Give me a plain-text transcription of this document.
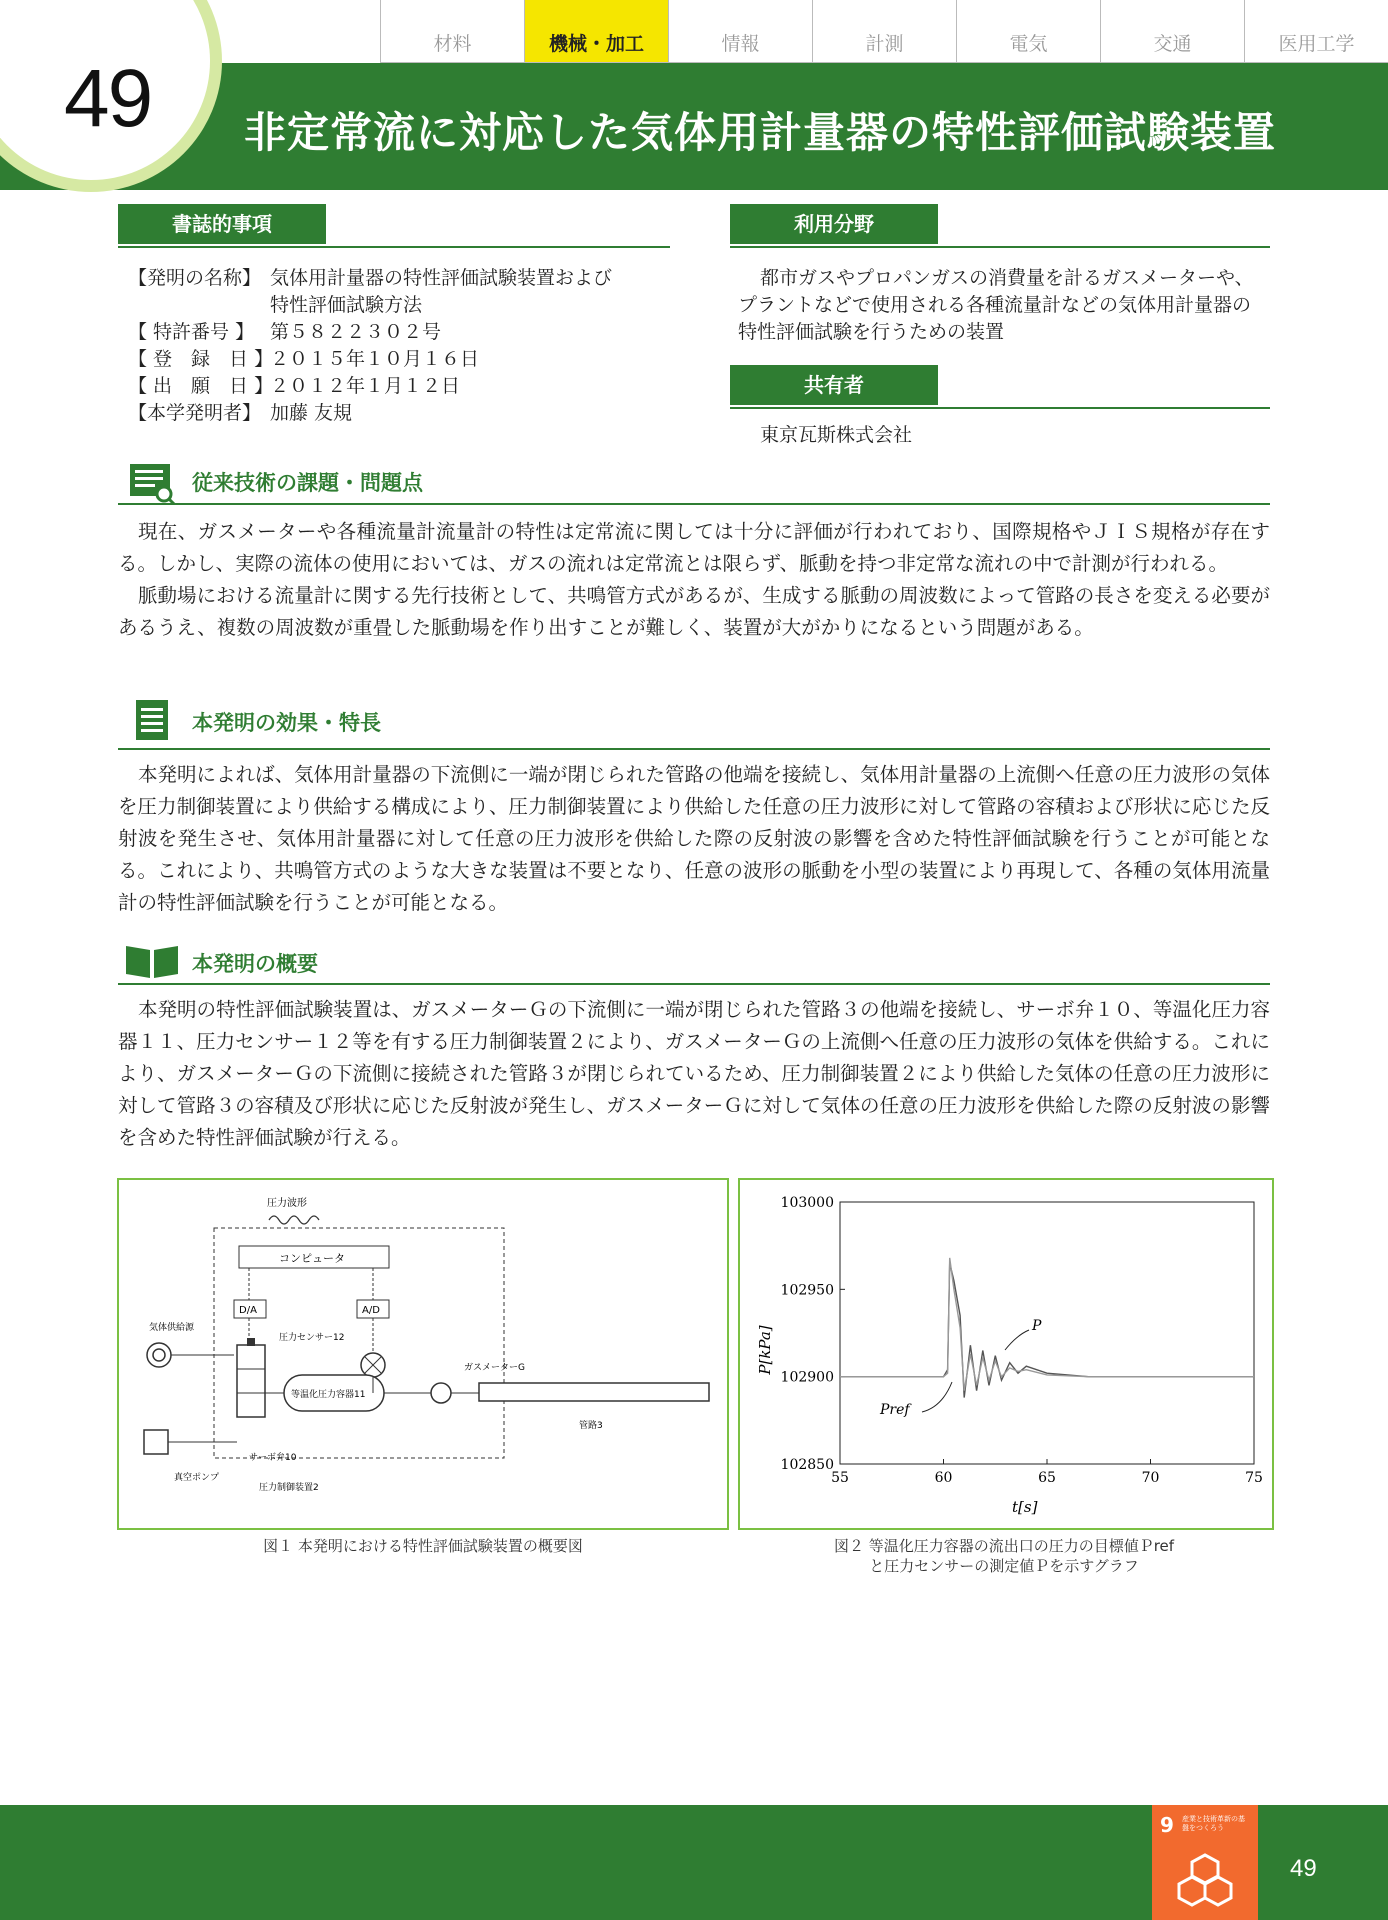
材料	機械・加工	情報	計測	電気	交通	医用工学
49 非定常流に対応した気体用計量器の特性評価試験装置
書誌的事項
【発明の名称】 気体用計量器の特性評価試験装置および
特性評価試験方法
【 特許番号 】 第５８２２３０２号
【 登　録　日 】
２０１５年１０月１６日
【 出　願　日 】
２０１２年１月１２日
【本学発明者】 加藤 友規
利用分野
都市ガスやプロパンガスの消費量を計るガスメーターや、プラントなどで使用される各種流量計などの気体用計量器の特性評価試験を行うための装置
共有者
東京瓦斯株式会社
従来技術の課題・問題点
現在、ガスメーターや各種流量計流量計の特性は定常流に関しては十分に評価が行われており、国際規格やＪＩＳ規格が存在する。しかし、実際の流体の使用においては、ガスの流れは定常流とは限らず、脈動を持つ非定常な流れの中で計測が行われる。
脈動場における流量計に関する先行技術として、共鳴管方式があるが、生成する脈動の周波数によって管路の長さを変える必要があるうえ、複数の周波数が重畳した脈動場を作り出すことが難しく、装置が大がかりになるという問題がある。
本発明の効果・特長
本発明によれば、気体用計量器の下流側に一端が閉じられた管路の他端を接続し、気体用計量器の上流側へ任意の圧力波形の気体を圧力制御装置により供給する構成により、圧力制御装置により供給した任意の圧力波形に対して管路の容積および形状に応じた反射波を発生させ、気体用計量器に対して任意の圧力波形を供給した際の反射波の影響を含めた特性評価試験を行うことが可能となる。これにより、共鳴管方式のような大きな装置は不要となり、任意の波形の脈動を小型の装置により再現して、各種の気体用流量計の特性評価試験を行うことが可能となる。
本発明の概要
本発明の特性評価試験装置は、ガスメーターＧの下流側に一端が閉じられた管路３の他端を接続し、サーボ弁１０、等温化圧力容器１１、圧力センサー１２等を有する圧力制御装置２により、ガスメーターＧの上流側へ任意の圧力波形の気体を供給する。これにより、ガスメーターＧの下流側に接続された管路３が閉じられているため、圧力制御装置２により供給した気体の任意の圧力波形に対して管路３の容積及び形状に応じた反射波が発生し、ガスメーターＧに対して気体の任意の圧力波形を供給した際の反射波の影響を含めた特性評価試験が行える。
圧力波形
コンピュータ
D/A	A/D
気体供給源
圧力センサー12
等温化圧力容器11
ガスメーターG
管路3
真空ポンプ
サーボ弁10
圧力制御装置2
図１ 本発明における特性評価試験装置の概要図
55	60	65	70	75
102850
102900
102950
103000
t[s]
P[kPa]	P
Pref
図２ 等温化圧力容器の流出口の圧力の目標値Ｐref
と圧力センサーの測定値Ｐを示すグラフ
9 産業と技術革新の基盤をつくろう
49
